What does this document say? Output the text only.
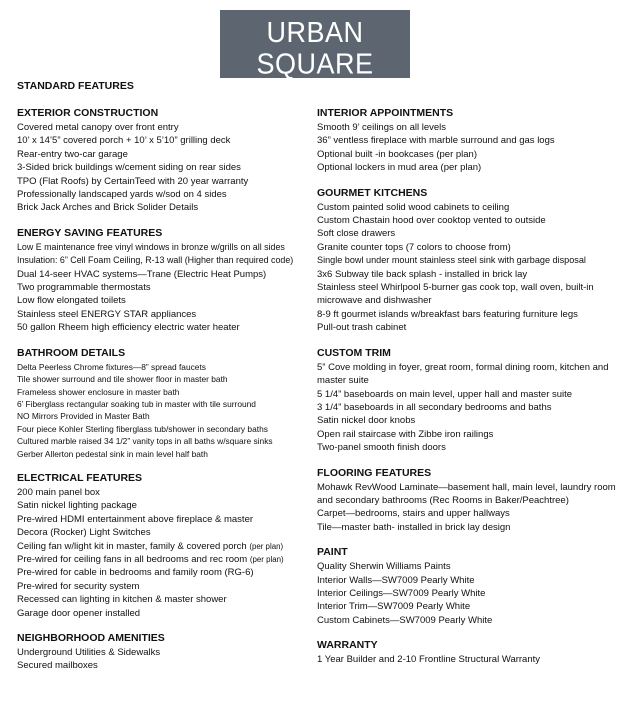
URBAN SQUARE
AT SOUTH LAWN
STANDARD FEATURES
EXTERIOR CONSTRUCTION
Covered metal canopy over front entry
10’ x 14’5” covered porch + 10’ x 5’10” grilling deck
Rear-entry two-car garage
3-Sided brick buildings w/cement siding on rear sides
TPO (Flat Roofs) by CertainTeed with 20 year warranty
Professionally landscaped yards w/sod on 4 sides
Brick Jack Arches and Brick Solider Details
ENERGY SAVING FEATURES
Low E maintenance free vinyl windows in bronze w/grills on all sides
Insulation: 6” Cell Foam Ceiling, R-13 wall (Higher than required code)
Dual 14-seer HVAC systems—Trane (Electric Heat Pumps)
Two programmable thermostats
Low flow elongated toilets
Stainless steel ENERGY STAR appliances
50 gallon Rheem high efficiency electric water heater
BATHROOM DETAILS
Delta Peerless Chrome fixtures—8” spread faucets
Tile shower surround and tile shower floor in master bath
Frameless shower enclosure in master bath
6’ Fiberglass rectangular soaking tub in master with tile surround
NO Mirrors Provided in Master Bath
Four piece Kohler Sterling fiberglass tub/shower in secondary baths
Cultured marble raised 34 1/2” vanity tops in all baths w/square sinks
Gerber Allerton pedestal sink in main level half bath
ELECTRICAL FEATURES
200 main panel box
Satin nickel lighting package
Pre-wired HDMI entertainment above fireplace & master
Decora (Rocker) Light Switches
Ceiling fan w/light kit in master, family & covered porch (per plan)
Pre-wired for ceiling fans in all bedrooms and rec room (per plan)
Pre-wired for cable in bedrooms and family room (RG-6)
Pre-wired for security system
Recessed can lighting in kitchen & master shower
Garage door opener installed
NEIGHBORHOOD AMENITIES
Underground Utilities & Sidewalks
Secured mailboxes
INTERIOR APPOINTMENTS
Smooth 9’ ceilings on all levels
36” ventless fireplace with marble surround and gas logs
Optional built -in bookcases (per plan)
Optional lockers in mud area (per plan)
GOURMET KITCHENS
Custom painted solid wood cabinets to ceiling
Custom Chastain hood over cooktop vented to outside
Soft close drawers
Granite counter tops (7 colors to choose from)
Single bowl under mount stainless steel sink with garbage disposal
3x6 Subway tile back splash - installed in brick lay
Stainless steel Whirlpool 5-burner gas cook top, wall oven, built-in microwave and dishwasher
8-9 ft gourmet islands w/breakfast bars featuring furniture legs
Pull-out trash cabinet
CUSTOM TRIM
5” Cove molding in foyer, great room, formal dining room, kitchen and master suite
5 1/4” baseboards on main level, upper hall and master suite
3 1/4” baseboards in all secondary bedrooms and baths
Satin nickel door knobs
Open rail staircase with Zibbe iron railings
Two-panel smooth finish doors
FLOORING FEATURES
Mohawk RevWood Laminate—basement hall, main level, laundry room and secondary bathrooms (Rec Rooms in Baker/Peachtree)
Carpet—bedrooms, stairs and upper hallways
Tile—master bath- installed in brick lay design
PAINT
Quality Sherwin Williams Paints
Interior Walls—SW7009 Pearly White
Interior Ceilings—SW7009 Pearly White
Interior Trim—SW7009 Pearly White
Custom Cabinets—SW7009 Pearly White
WARRANTY
1 Year Builder and 2-10 Frontline Structural Warranty
